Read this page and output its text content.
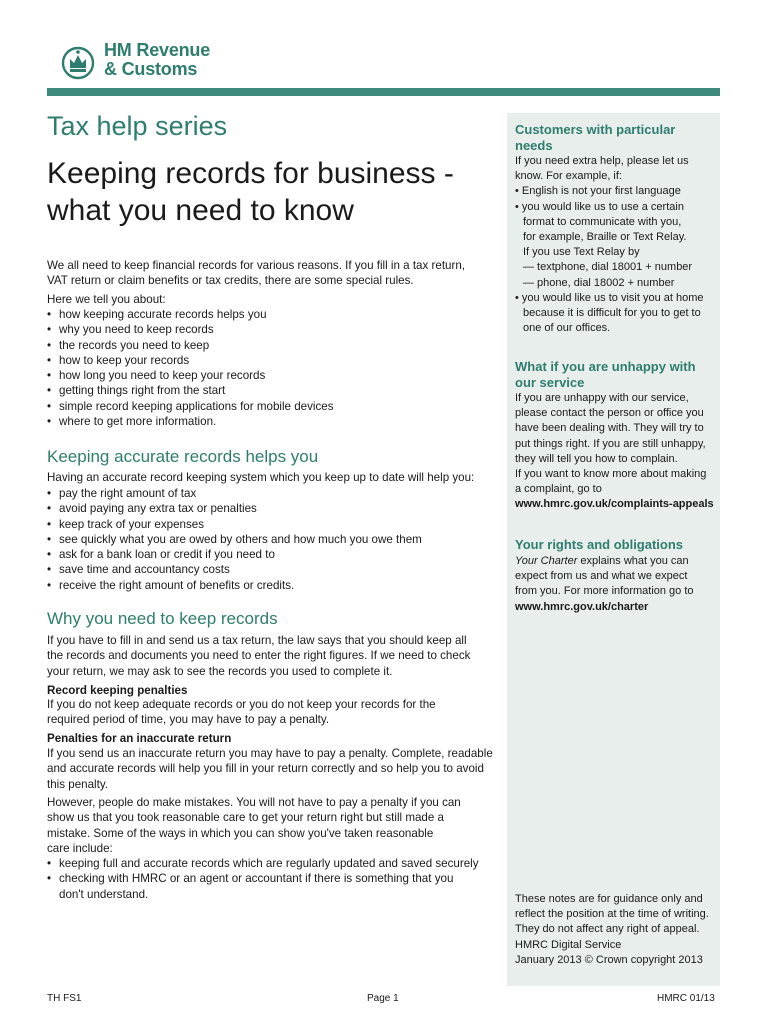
HM Revenue
& Customs
Tax help series
Keeping records for business -
what you need to know
We all need to keep financial records for various reasons. If you fill in a tax return,
VAT return or claim benefits or tax credits, there are some special rules.
Here we tell you about:
• how keeping accurate records helps you
• why you need to keep records
• the records you need to keep
• how to keep your records
• how long you need to keep your records
• getting things right from the start
• simple record keeping applications for mobile devices
• where to get more information.
Keeping accurate records helps you
Having an accurate record keeping system which you keep up to date will help you:
• pay the right amount of tax
• avoid paying any extra tax or penalties
• keep track of your expenses
• see quickly what you are owed by others and how much you owe them
• ask for a bank loan or credit if you need to
• save time and accountancy costs
• receive the right amount of benefits or credits.
Why you need to keep records
If you have to fill in and send us a tax return, the law says that you should keep all
the records and documents you need to enter the right figures. If we need to check
your return, we may ask to see the records you used to complete it.
Record keeping penalties
If you do not keep adequate records or you do not keep your records for the
required period of time, you may have to pay a penalty.
Penalties for an inaccurate return
If you send us an inaccurate return you may have to pay a penalty. Complete, readable
and accurate records will help you fill in your return correctly and so help you to avoid
this penalty.
However, people do make mistakes. You will not have to pay a penalty if you can
show us that you took reasonable care to get your return right but still made a
mistake. Some of the ways in which you can show you've taken reasonable
care include:
• keeping full and accurate records which are regularly updated and saved securely
• checking with HMRC or an agent or accountant if there is something that you
don't understand.
Customers with particular
needs
If you need extra help, please let us
know. For example, if:
• English is not your first language
• you would like us to use a certain
format to communicate with you,
for example, Braille or Text Relay.
If you use Text Relay by
— textphone, dial 18001 + number
— phone, dial 18002 + number
• you would like us to visit you at home
because it is difficult for you to get to
one of our offices.
What if you are unhappy with
our service
If you are unhappy with our service,
please contact the person or office you
have been dealing with. They will try to
put things right. If you are still unhappy,
they will tell you how to complain.
If you want to know more about making
a complaint, go to
www.hmrc.gov.uk/complaints-appeals
Your rights and obligations
Your Charter explains what you can
expect from us and what we expect
from you. For more information go to
www.hmrc.gov.uk/charter
These notes are for guidance only and
reflect the position at the time of writing.
They do not affect any right of appeal.
HMRC Digital Service
January 2013 © Crown copyright 2013
TH FS1	Page 1	HMRC 01/13
